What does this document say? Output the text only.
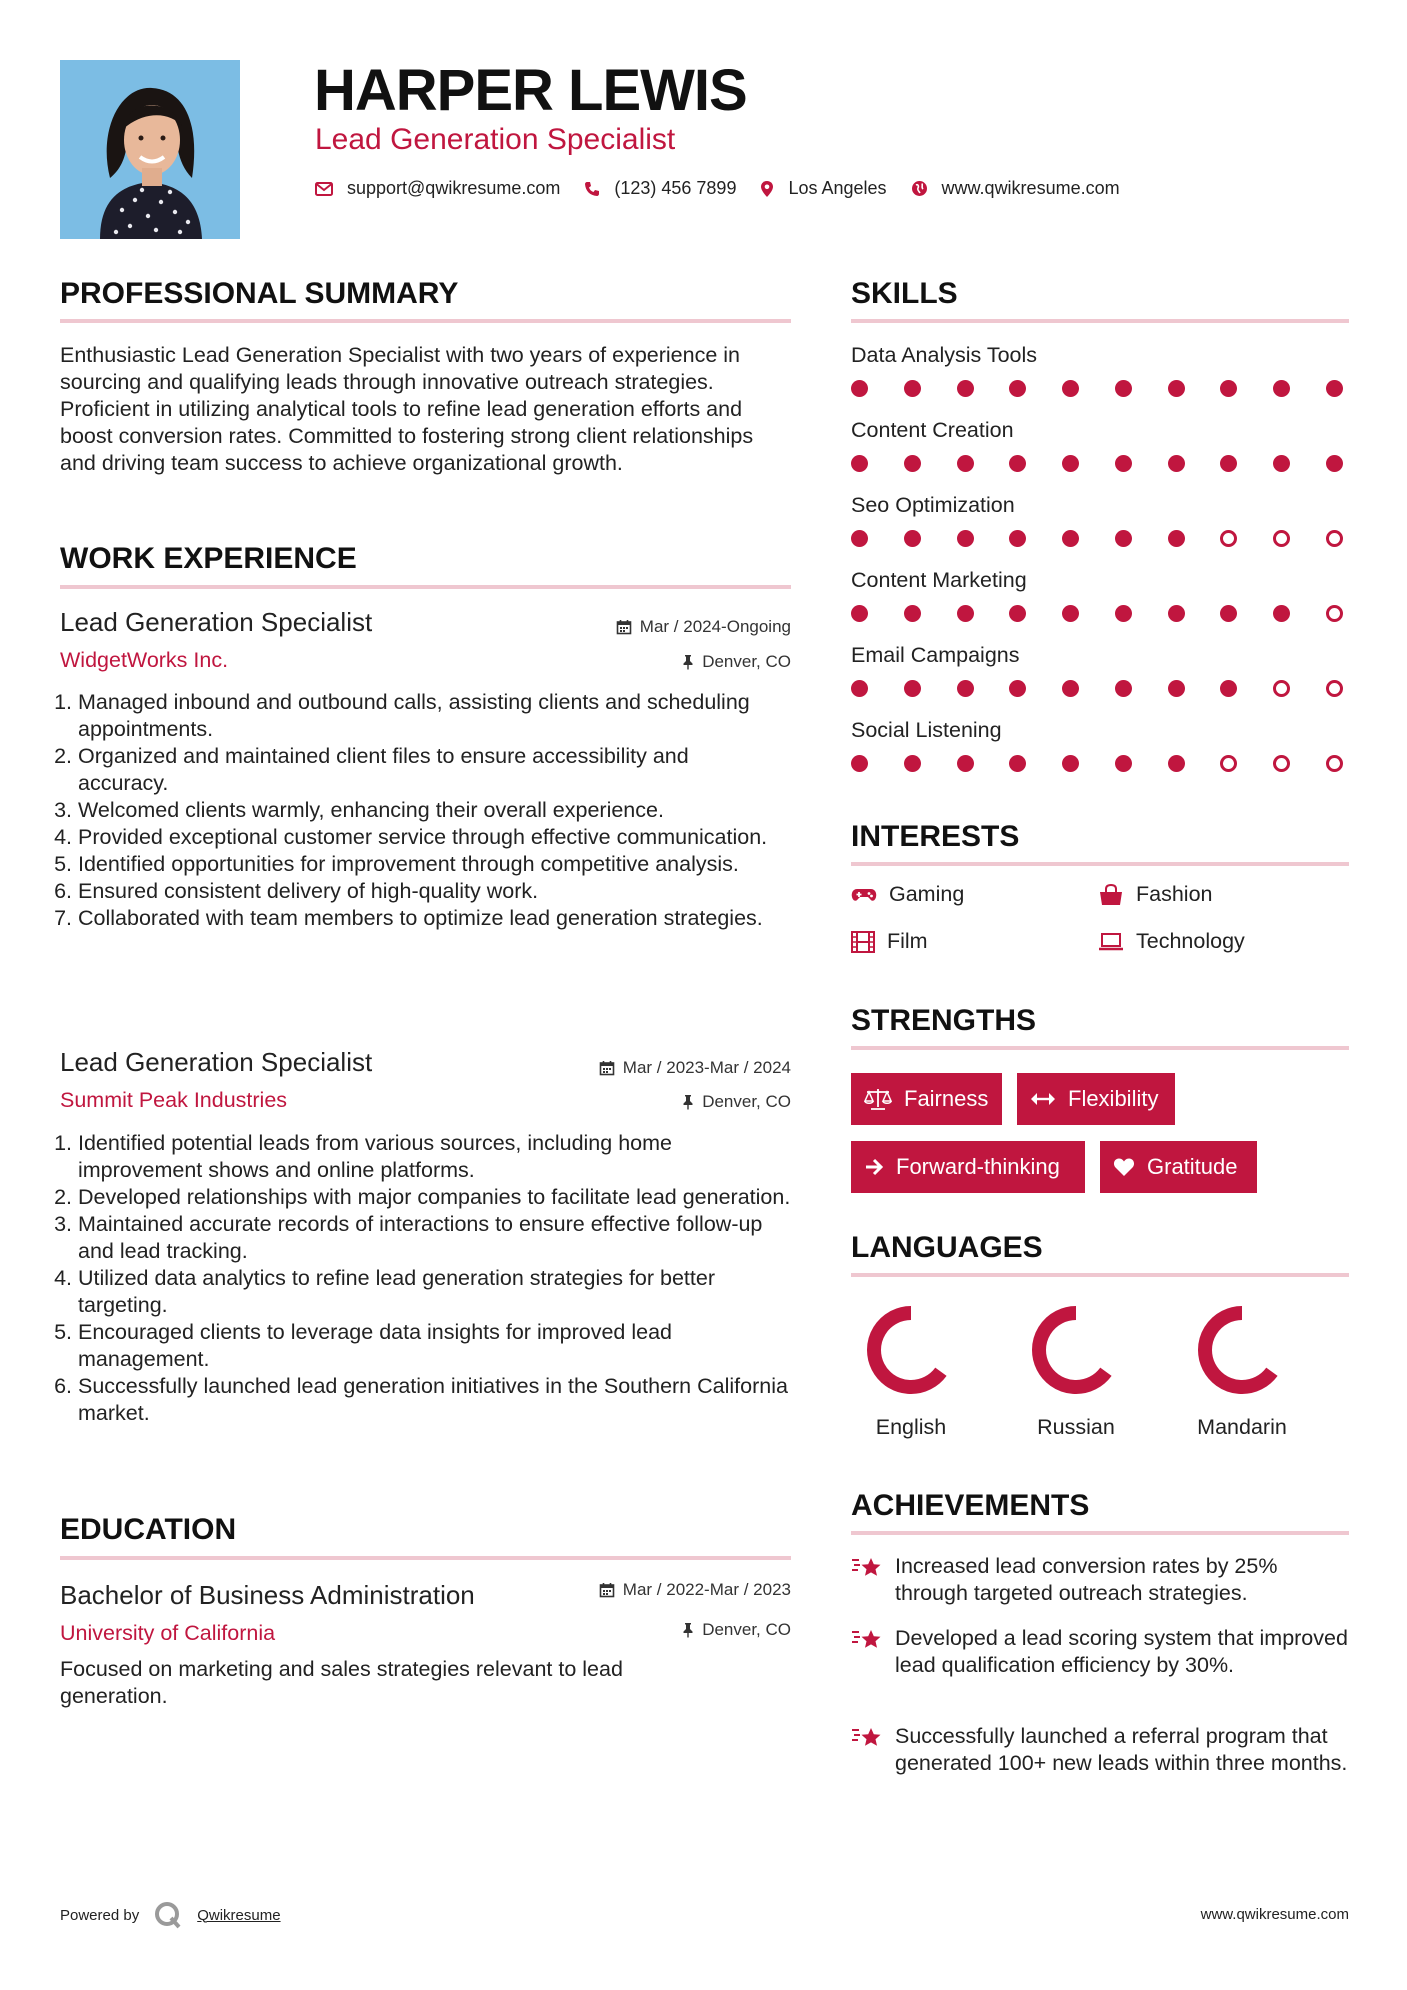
HARPER LEWIS
Lead Generation Specialist
support@qwikresume.com	(123) 456 7899	Los Angeles	www.qwikresume.com
PROFESSIONAL SUMMARY
Enthusiastic Lead Generation Specialist with two years of experience in sourcing and qualifying leads through innovative outreach strategies. Proficient in utilizing analytical tools to refine lead generation efforts and boost conversion rates. Committed to fostering strong client relationships and driving team success to achieve organizational growth.
WORK EXPERIENCE
Lead Generation Specialist	Mar / 2024-Ongoing
WidgetWorks Inc.	Denver, CO
1. Managed inbound and outbound calls, assisting clients and scheduling appointments.
2. Organized and maintained client files to ensure accessibility and accuracy.
3. Welcomed clients warmly, enhancing their overall experience.
4. Provided exceptional customer service through effective communication.
5. Identified opportunities for improvement through competitive analysis.
6. Ensured consistent delivery of high-quality work.
7. Collaborated with team members to optimize lead generation strategies.
Lead Generation Specialist	Mar / 2023-Mar / 2024
Summit Peak Industries	Denver, CO
1. Identified potential leads from various sources, including home improvement shows and online platforms.
2. Developed relationships with major companies to facilitate lead generation.
3. Maintained accurate records of interactions to ensure effective follow-up and lead tracking.
4. Utilized data analytics to refine lead generation strategies for better targeting.
5. Encouraged clients to leverage data insights for improved lead management.
6. Successfully launched lead generation initiatives in the Southern California market.
EDUCATION
Bachelor of Business Administration	Mar / 2022-Mar / 2023
University of California	Denver, CO
Focused on marketing and sales strategies relevant to lead generation.
SKILLS
Data Analysis Tools
Content Creation
Seo Optimization
Content Marketing
Email Campaigns
Social Listening
INTERESTS
Gaming	Fashion
Film	Technology
STRENGTHS
Fairness	Flexibility
Forward-thinking	Gratitude
LANGUAGES
English	Russian	Mandarin
ACHIEVEMENTS
Increased lead conversion rates by 25% through targeted outreach strategies.
Developed a lead scoring system that improved lead qualification efficiency by 30%.
Successfully launched a referral program that generated 100+ new leads within three months.
Powered by	Qwikresume	www.qwikresume.com
